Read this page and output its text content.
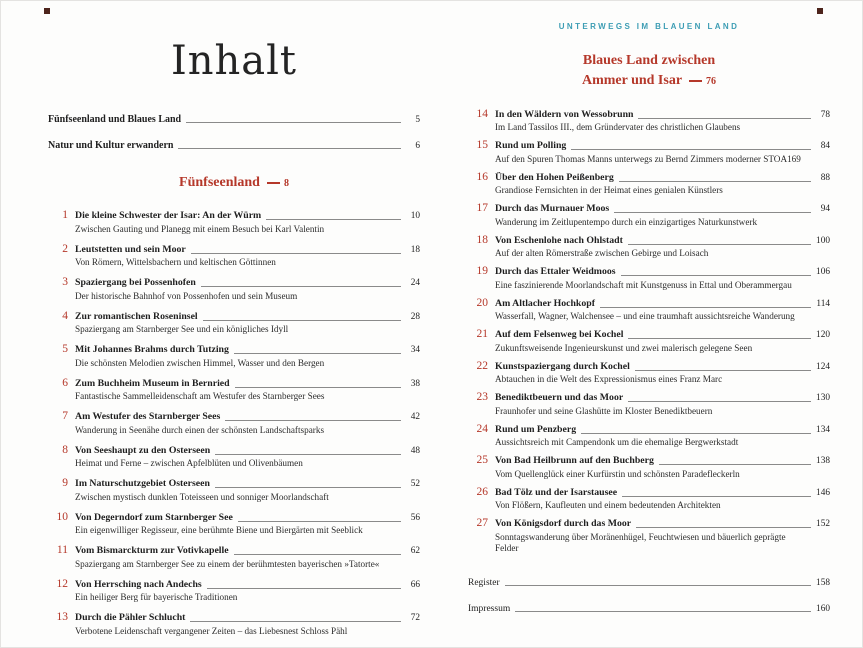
Inhalt
Fünfseenland und Blaues Land	5
Natur und Kultur erwandern	6
Fünfseenland 8
1 Die kleine Schwester der Isar: An der Würm	10
Zwischen Gauting und Planegg mit einem Besuch bei Karl Valentin
2 Leutstetten und sein Moor	18
Von Römern, Wittelsbachern und keltischen Göttinnen
3 Spaziergang bei Possenhofen	24
Der historische Bahnhof von Possenhofen und sein Museum
4 Zur romantischen Roseninsel	28
Spaziergang am Starnberger See und ein königliches Idyll
5 Mit Johannes Brahms durch Tutzing	34
Die schönsten Melodien zwischen Himmel, Wasser und den Bergen
6 Zum Buchheim Museum in Bernried	38
Fantastische Sammelleidenschaft am Westufer des Starnberger Sees
7 Am Westufer des Starnberger Sees	42
Wanderung in Seenähe durch einen der schönsten Landschaftsparks
8 Von Seeshaupt zu den Osterseen	48
Heimat und Ferne – zwischen Apfelblüten und Olivenbäumen
9 Im Naturschutzgebiet Osterseen	52
Zwischen mystisch dunklen Toteisseen und sonniger Moorlandschaft
10 Von Degerndorf zum Starnberger See	56
Ein eigenwilliger Regisseur, eine berühmte Biene und Biergärten mit Seeblick
11 Vom Bismarckturm zur Votivkapelle	62
Spaziergang am Starnberger See zu einem der berühmtesten bayerischen »Tatorte«
12 Von Herrsching nach Andechs	66
Ein heiliger Berg für bayerische Traditionen
13 Durch die Pähler Schlucht	72
Verbotene Leidenschaft vergangener Zeiten – das Liebesnest Schloss Pähl
UNTERWEGS IM BLAUEN LAND
Blaues Land zwischen
Ammer und Isar 76
14 In den Wäldern von Wessobrunn	78
Im Land Tassilos III., dem Gründervater des christlichen Glaubens
15 Rund um Polling	84
Auf den Spuren Thomas Manns unterwegs zu Bernd Zimmers moderner STOA169
16 Über den Hohen Peißenberg	88
Grandiose Fernsichten in der Heimat eines genialen Künstlers
17 Durch das Murnauer Moos	94
Wanderung im Zeitlupentempo durch ein einzigartiges Naturkunstwerk
18 Von Eschenlohe nach Ohlstadt	100
Auf der alten Römerstraße zwischen Gebirge und Loisach
19 Durch das Ettaler Weidmoos	106
Eine faszinierende Moorlandschaft mit Kunstgenuss in Ettal und Oberammergau
20 Am Altlacher Hochkopf	114
Wasserfall, Wagner, Walchensee – und eine traumhaft aussichtsreiche Wanderung
21 Auf dem Felsenweg bei Kochel	120
Zukunftsweisende Ingenieurskunst und zwei malerisch gelegene Seen
22 Kunstspaziergang durch Kochel	124
Abtauchen in die Welt des Expressionismus eines Franz Marc
23 Benediktbeuern und das Moor	130
Fraunhofer und seine Glashütte im Kloster Benediktbeuern
24 Rund um Penzberg	134
Aussichtsreich mit Campendonk um die ehemalige Bergwerkstadt
25 Von Bad Heilbrunn auf den Buchberg	138
Vom Quellenglück einer Kurfürstin und schönsten Paradefleckerln
26 Bad Tölz und der Isarstausee	146
Von Flößern, Kaufleuten und einem bedeutenden Architekten
27 Von Königsdorf durch das Moor	152
Sonntagswanderung über Moränenhügel, Feuchtwiesen und bäuerlich geprägte Felder
Register	158
Impressum	160
